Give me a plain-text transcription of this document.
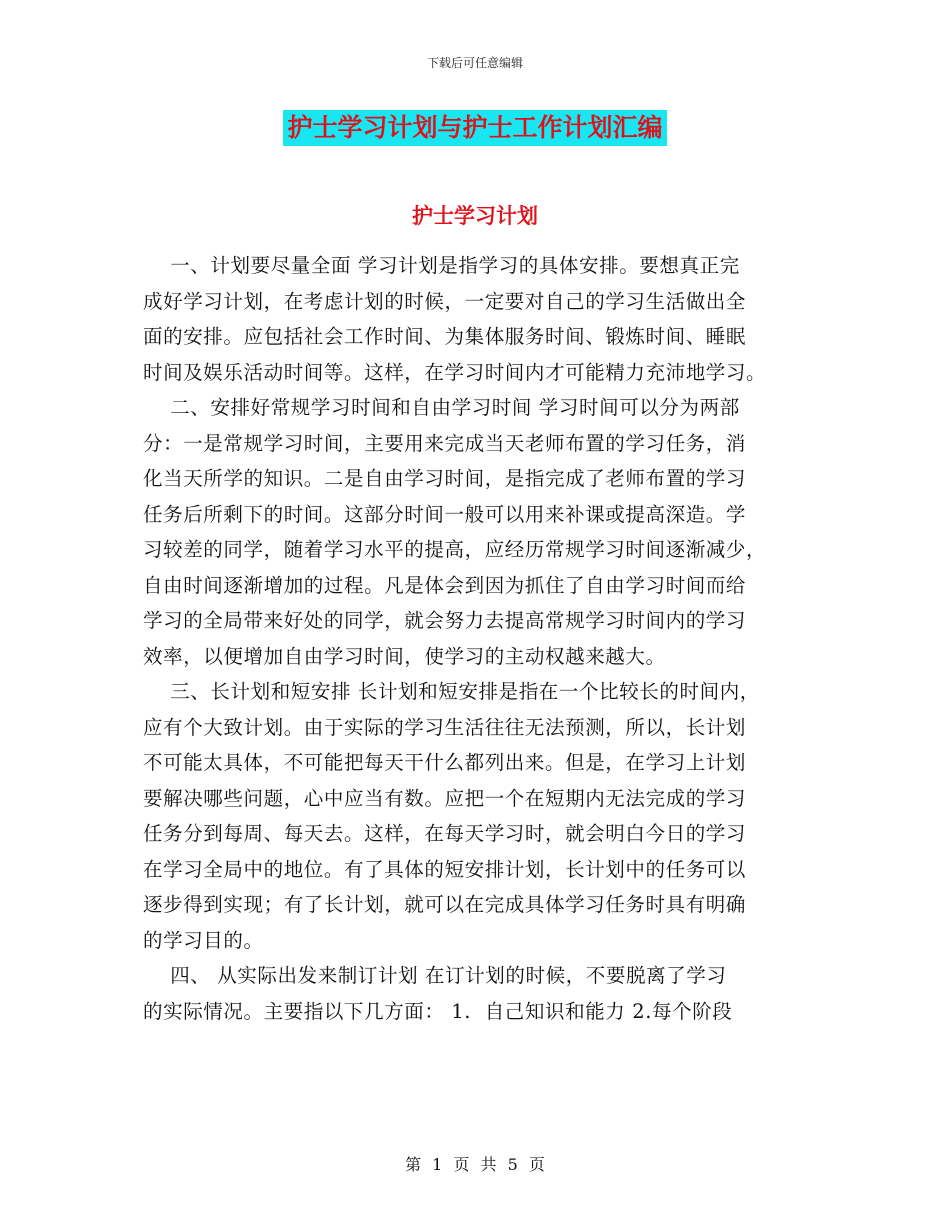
下载后可任意编辑
护士学习计划与护士工作计划汇编
护士学习计划
一、计划要尽量全面 学习计划是指学习的具体安排。要想真正完
成好学习计划，在考虑计划的时候，一定要对自己的学习生活做出全
面的安排。应包括社会工作时间、为集体服务时间、锻炼时间、睡眠
时间及娱乐活动时间等。这样，在学习时间内才可能精力充沛地学习。
二、安排好常规学习时间和自由学习时间 学习时间可以分为两部
分：一是常规学习时间，主要用来完成当天老师布置的学习任务，消
化当天所学的知识。二是自由学习时间，是指完成了老师布置的学习
任务后所剩下的时间。这部分时间一般可以用来补课或提高深造。学
习较差的同学，随着学习水平的提高，应经历常规学习时间逐渐减少，
自由时间逐渐增加的过程。凡是体会到因为抓住了自由学习时间而给
学习的全局带来好处的同学，就会努力去提高常规学习时间内的学习
效率，以便增加自由学习时间，使学习的主动权越来越大。
三、长计划和短安排 长计划和短安排是指在一个比较长的时间内，
应有个大致计划。由于实际的学习生活往往无法预测，所以，长计划
不可能太具体，不可能把每天干什么都列出来。但是，在学习上计划
要解决哪些问题，心中应当有数。应把一个在短期内无法完成的学习
任务分到每周、每天去。这样，在每天学习时，就会明白今日的学习
在学习全局中的地位。有了具体的短安排计划，长计划中的任务可以
逐步得到实现；有了长计划，就可以在完成具体学习任务时具有明确
的学习目的。
四、 从实际出发来制订计划 在订计划的时候，不要脱离了学习
的实际情况。主要指以下几方面： 1.  自己知识和能力 2.每个阶段
第 1 页 共 5 页
